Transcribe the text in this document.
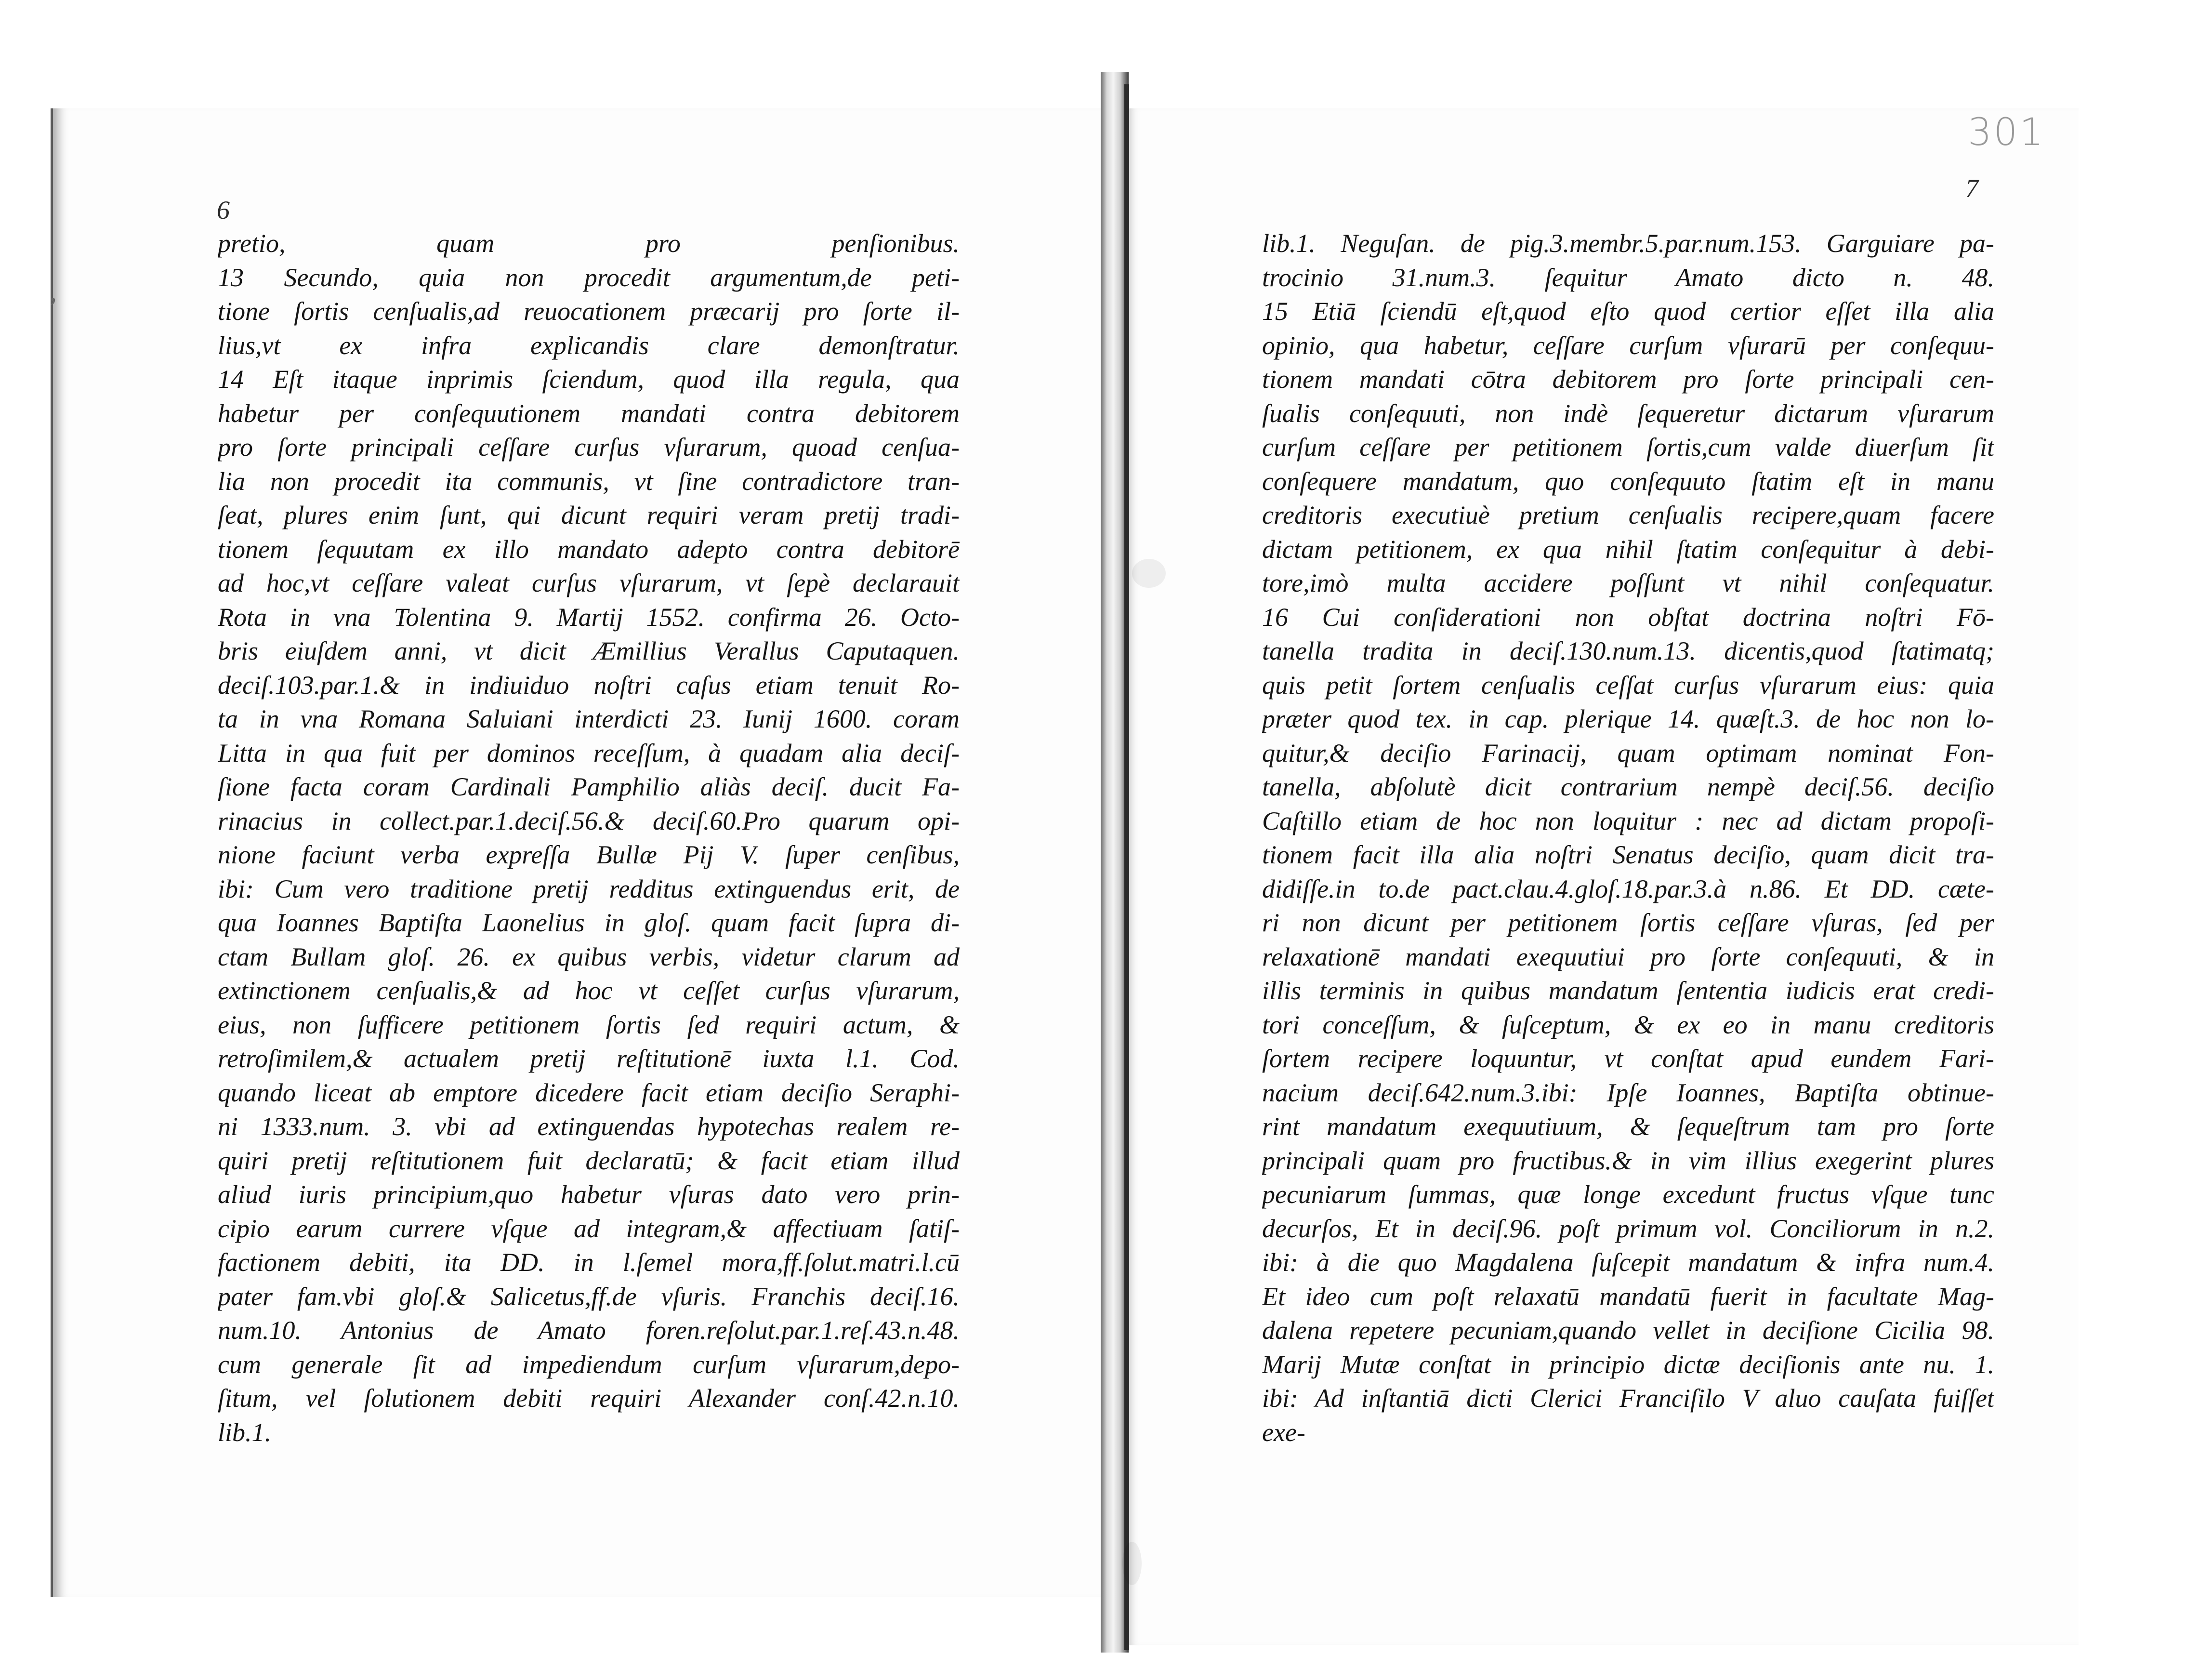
‚
6
7
301
pretio, quam pro penſionibus.
13 Secundo, quia non procedit argumentum,de peti-
tione ſortis cenſualis,ad reuocationem præcarij pro ſorte il-
lius,vt ex infra explicandis clare demonſtratur.
14 Eſt itaque inprimis ſciendum, quod illa regula, qua
habetur per conſequutionem mandati contra debitorem
pro ſorte principali ceſſare curſus vſurarum, quoad cenſua-
lia non procedit ita communis, vt ſine contradictore tran-
ſeat, plures enim ſunt, qui dicunt requiri veram pretij tradi-
tionem ſequutam ex illo mandato adepto contra debitorē
ad hoc,vt ceſſare valeat curſus vſurarum, vt ſepè declarauit
Rota in vna Tolentina 9. Martij 1552. confirma 26. Octo-
bris eiuſdem anni, vt dicit Æmillius Verallus Caputaquen.
deciſ.103.par.1.& in indiuiduo noſtri caſus etiam tenuit Ro-
ta in vna Romana Saluiani interdicti 23. Iunij 1600. coram
Litta in qua fuit per dominos receſſum, à quadam alia deciſ-
ſione facta coram Cardinali Pamphilio aliàs deciſ. ducit Fa-
rinacius in collect.par.1.deciſ.56.& deciſ.60.Pro quarum opi-
nione faciunt verba expreſſa Bullæ Pij V. ſuper cenſibus,
ibi: Cum vero traditione pretij redditus extinguendus erit, de
qua Ioannes Baptiſta Laonelius in gloſ. quam facit ſupra di-
ctam Bullam gloſ. 26. ex quibus verbis, videtur clarum ad
extinctionem cenſualis,& ad hoc vt ceſſet curſus vſurarum,
eius, non ſufficere petitionem ſortis ſed requiri actum, &
retroſimilem,& actualem pretij reſtitutionē iuxta l.1. Cod.
quando liceat ab emptore dicedere facit etiam deciſio Seraphi-
ni 1333.num. 3. vbi ad extinguendas hypotechas realem re-
quiri pretij reſtitutionem fuit declaratū; & facit etiam illud
aliud iuris principium,quo habetur vſuras dato vero prin-
cipio earum currere vſque ad integram,& affectiuam ſatiſ-
factionem debiti, ita DD. in l.ſemel mora,ff.ſolut.matri.l.cū
pater fam.vbi gloſ.& Salicetus,ff.de vſuris. Franchis deciſ.16.
num.10. Antonius de Amato foren.reſolut.par.1.reſ.43.n.48.
cum generale ſit ad impediendum curſum vſurarum,depo-
ſitum, vel ſolutionem debiti requiri Alexander conſ.42.n.10.
lib.1.
lib.1. Neguſan. de pig.3.membr.5.par.num.153. Garguiare pa-
trocinio 31.num.3. ſequitur Amato dicto n. 48.
15 Etiā ſciendū eſt,quod eſto quod certior eſſet illa alia
opinio, qua habetur, ceſſare curſum vſurarū per conſequu-
tionem mandati cōtra debitorem pro ſorte principali cen-
ſualis conſequuti, non indè ſequeretur dictarum vſurarum
curſum ceſſare per petitionem ſortis,cum valde diuerſum ſit
conſequere mandatum, quo conſequuto ſtatim eſt in manu
creditoris executiuè pretium cenſualis recipere,quam facere
dictam petitionem, ex qua nihil ſtatim conſequitur à debi-
tore,imò multa accidere poſſunt vt nihil conſequatur.
16 Cui conſiderationi non obſtat doctrina noſtri Fō-
tanella tradita in deciſ.130.num.13. dicentis,quod ſtatimatq;
quis petit ſortem cenſualis ceſſat curſus vſurarum eius: quia
præter quod tex. in cap. plerique 14. quæſt.3. de hoc non lo-
quitur,& deciſio Farinacij, quam optimam nominat Fon-
tanella, abſolutè dicit contrarium nempè deciſ.56. deciſio
Caſtillo etiam de hoc non loquitur : nec ad dictam propoſi-
tionem facit illa alia noſtri Senatus deciſio, quam dicit tra-
didiſſe.in to.de pact.clau.4.gloſ.18.par.3.à n.86. Et DD. cæte-
ri non dicunt per petitionem ſortis ceſſare vſuras, ſed per
relaxationē mandati exequutiui pro ſorte conſequuti, & in
illis terminis in quibus mandatum ſententia iudicis erat credi-
tori conceſſum, & ſuſceptum, & ex eo in manu creditoris
ſortem recipere loquuntur, vt conſtat apud eundem Fari-
nacium deciſ.642.num.3.ibi: Ipſe Ioannes, Baptiſta obtinue-
rint mandatum exequutiuum, & ſequeſtrum tam pro ſorte
principali quam pro fructibus.& in vim illius exegerint plures
pecuniarum ſummas, quæ longe excedunt fructus vſque tunc
decurſos, Et in deciſ.96. poſt primum vol. Conciliorum in n.2.
ibi: à die quo Magdalena ſuſcepit mandatum & infra num.4.
Et ideo cum poſt relaxatū mandatū fuerit in facultate Mag-
dalena repetere pecuniam,quando vellet in deciſione Cicilia 98.
Marij Mutæ conſtat in principio dictæ deciſionis ante nu. 1.
ibi: Ad inſtantiā dicti Clerici Franciſilo V aluo cauſata fuiſſet
exe-
